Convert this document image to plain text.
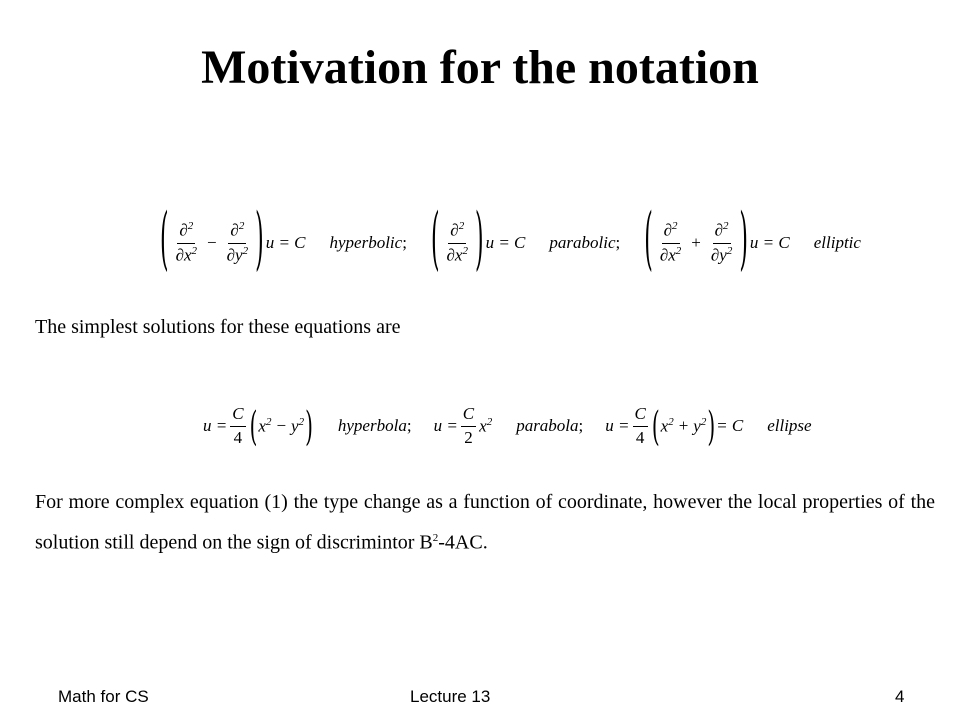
Motivation for the notation
( $\frac{\partial^2}{\partial x^2} - \frac{\partial^2}{\partial y^2}$ ) u = C hyperbolic ; ( $\frac{\partial^2}{\partial x^2}$ ) u = C parabolic ; ( $\frac{\partial^2}{\partial x^2} + \frac{\partial^2}{\partial y^2}$ ) u = C elliptic
The simplest solutions for these equations are
$u = \frac{C}{4}$ ( $x^2 - y^2$ ) hyperbola ; $u = \frac{C}{2} x^2$ parabola ; $u = \frac{C}{4}$ ( $x^2 + y^2$ ) = C ellipse
For more complex equation (1) the type change as a function of coordinate, however the local properties of the solution still depend on the sign of discrimintor $B^2-4AC$.
Math for CS	Lecture 13	4
